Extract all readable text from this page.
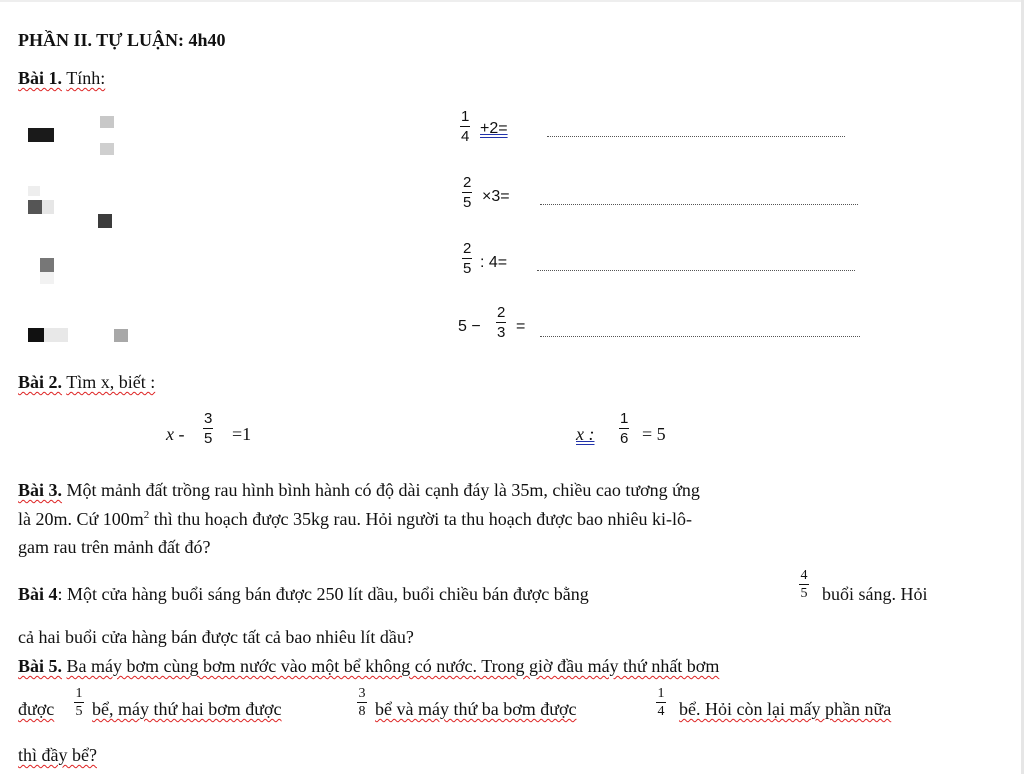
PHẦN II. TỰ LUẬN: 4h40
Bài 1. Tính:
1
4 +2=
2
5 ×3=
2
5 : 4=
5 −
2
3 =
Bài 2. Tìm x, biết :
x -
3
5 =1	x :
1
6 = 5
Bài 3. Một mảnh đất trồng rau hình bình hành có độ dài cạnh đáy là 35m, chiều cao tương ứng
là 20m. Cứ $100m^2$ thì thu hoạch được 35kg rau. Hỏi người ta thu hoạch được bao nhiêu ki-lô-
gam rau trên mảnh đất đó?
Bài 4: Một cửa hàng buổi sáng bán được 250 lít dầu, buổi chiều bán được bằng
4
5 buổi sáng. Hỏi
cả hai buổi cửa hàng bán được tất cả bao nhiêu lít dầu?
Bài 5. Ba máy bơm cùng bơm nước vào một bể không có nước. Trong giờ đầu máy thứ nhất bơm
được
1
5 bể, máy thứ hai bơm được
3
8 bể và máy thứ ba bơm được
1
4 bể. Hỏi còn lại mấy phần nữa
thì đầy bể?
